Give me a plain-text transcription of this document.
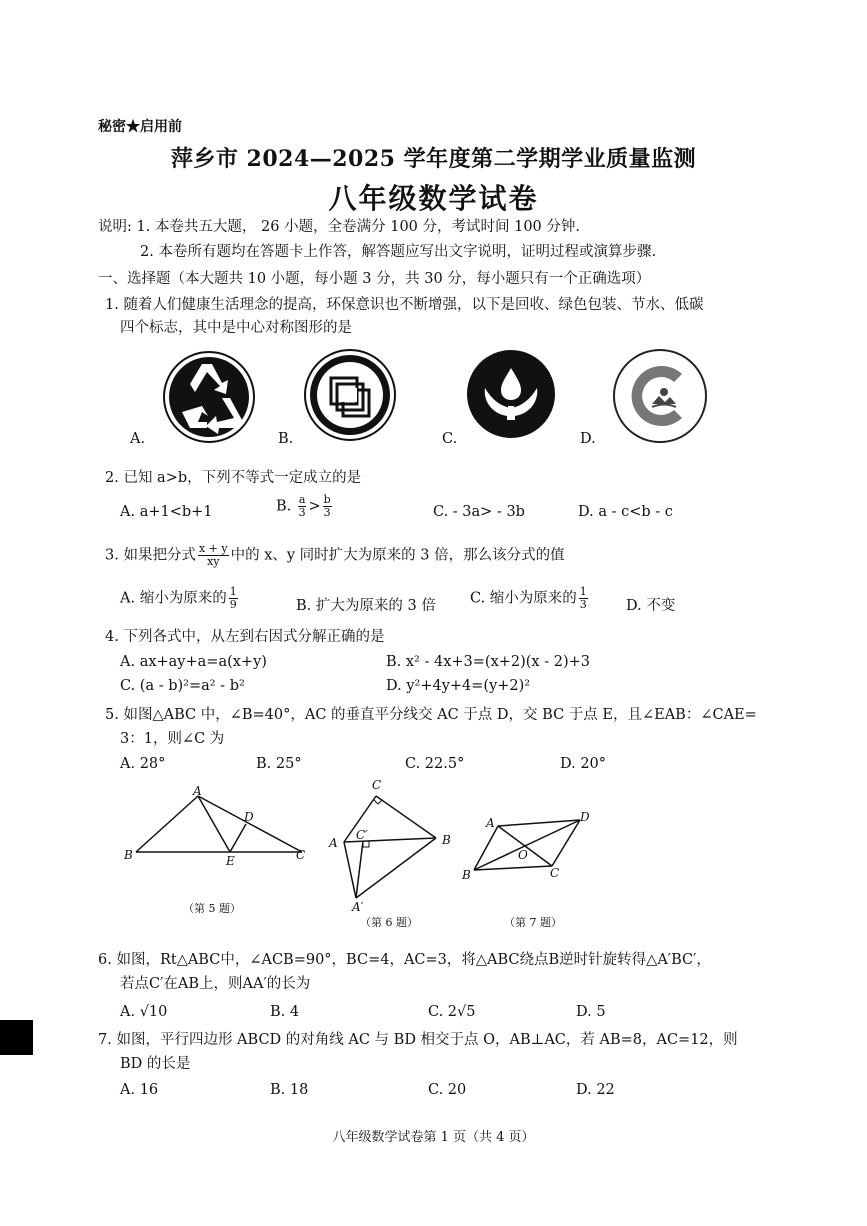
秘密★启用前
萍乡市 2024—2025 学年度第二学期学业质量监测
八年级数学试卷
说明: 1. 本卷共五大题， 26 小题，全卷满分 100 分，考试时间 100 分钟.
2. 本卷所有题均在答题卡上作答，解答题应写出文字说明，证明过程或演算步骤.
一、选择题（本大题共 10 小题，每小题 3 分，共 30 分，每小题只有一个正确选项）
1. 随着人们健康生活理念的提高，环保意识也不断增强，以下是回收、绿色包装、节水、低碳
四个标志，其中是中心对称图形的是
A.	B.	C.	D.
2. 已知 a>b，下列不等式一定成立的是
A. a+1<b+1	B. $\frac{a}{3} > \frac{b}{3}$	C. - 3a> - 3b	D. a - c<b - c
3. 如果把分式 $\frac{x + y}{xy}$ 中的 x、y 同时扩大为原来的 3 倍，那么该分式的值
A. 缩小为原来的 $\frac{1}{9}$	B. 扩大为原来的 3 倍 C. 缩小为原来的 $\frac{1}{3}$	D. 不变
4. 下列各式中，从左到右因式分解正确的是
A. ax+ay+a=a(x+y)	B. x² - 4x+3=(x+2)(x - 2)+3
C. (a - b)²=a² - b²	D. y²+4y+4=(y+2)²
5. 如图△ABC 中，∠B=40°，AC 的垂直平分线交 AC 于点 D，交 BC 于点 E，且∠EAB：∠CAE=
3：1，则∠C 为
A. 28°	B. 25°	C. 22.5°	D. 20°
A
B	C
D
E
（第 5 题）
C
A	B
C′
A′
（第 6 题）
A	D
O
B	C
（第 7 题）
6. 如图，Rt△ABC中，∠ACB=90°，BC=4，AC=3，将△ABC绕点B逆时针旋转得△A′BC′，
若点C′在AB上，则AA′的长为
A. √10	B. 4	C. 2√5	D. 5
7. 如图，平行四边形 ABCD 的对角线 AC 与 BD 相交于点 O，AB⊥AC，若 AB=8，AC=12，则
BD 的长是
A. 16	B. 18	C. 20	D. 22
八年级数学试卷第 1 页（共 4 页）
